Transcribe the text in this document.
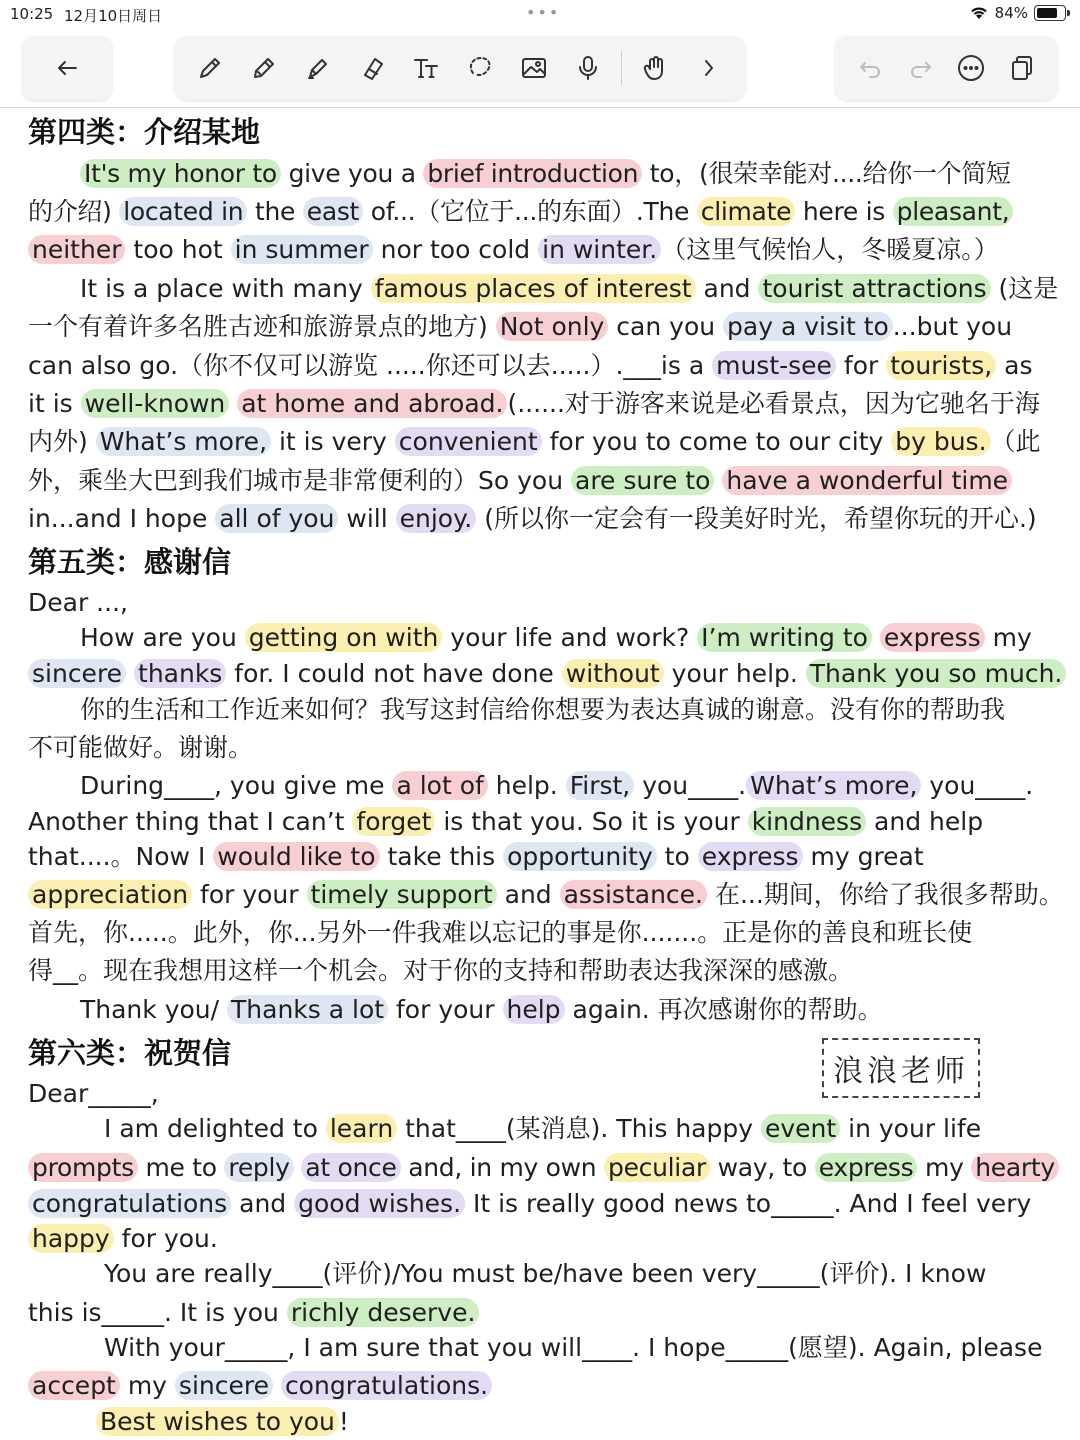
10:25 12月10日周日	•••	84%
第四类：介绍某地
It's my honor to give you a brief introduction to，(很荣幸能对....给你一个简短
的介绍) located in the east of...（它位于...的东面）.The climate here is pleasant,
neither too hot in summer nor too cold in winter. （这里气候怡人，冬暖夏凉。）
It is a place with many famous places of interest and tourist attractions (这是
一个有着许多名胜古迹和旅游景点的地方) Not only can you pay a visit to ...but you
can also go.（你不仅可以游览 .....你还可以去.....）.___is a must-see for tourists, as
it is well-known at home and abroad. (......对于游客来说是必看景点，因为它驰名于海
内外) What’s more, it is very convenient for you to come to our city by bus. （此
外，乘坐大巴到我们城市是非常便利的）So you are sure to have a wonderful time
in...and I hope all of you will enjoy. (所以你一定会有一段美好时光，希望你玩的开心.)
第五类：感谢信
Dear ...,
How are you getting on with your life and work? I’m writing to express my
sincere thanks for. I could not have done without your help. Thank you so much.
你的生活和工作近来如何？我写这封信给你想要为表达真诚的谢意。没有你的帮助我
不可能做好。谢谢。
During____, you give me a lot of help. First, you____. What’s more, you____.
Another thing that I can’t forget is that you. So it is your kindness and help
that....。Now I would like to take this opportunity to express my great
appreciation for your timely support and assistance. 在...期间，你给了我很多帮助。
首先，你.....。此外，你...另外一件我难以忘记的事是你.......。正是你的善良和班长使
得__。现在我想用这样一个机会。对于你的支持和帮助表达我深深的感激。
Thank you/ Thanks a lot for your help again. 再次感谢你的帮助。
第六类：祝贺信
浪浪老师
Dear_____,
I am delighted to learn that____(某消息). This happy event in your life
prompts me to reply at once and, in my own peculiar way, to express my hearty
congratulations and good wishes. It is really good news to_____. And I feel very
happy for you.
You are really____(评价)/You must be/have been very_____(评价). I know
this is_____. It is you richly deserve.
With your_____, I am sure that you will____. I hope_____(愿望). Again, please
accept my sincere congratulations.
Best wishes to you !
